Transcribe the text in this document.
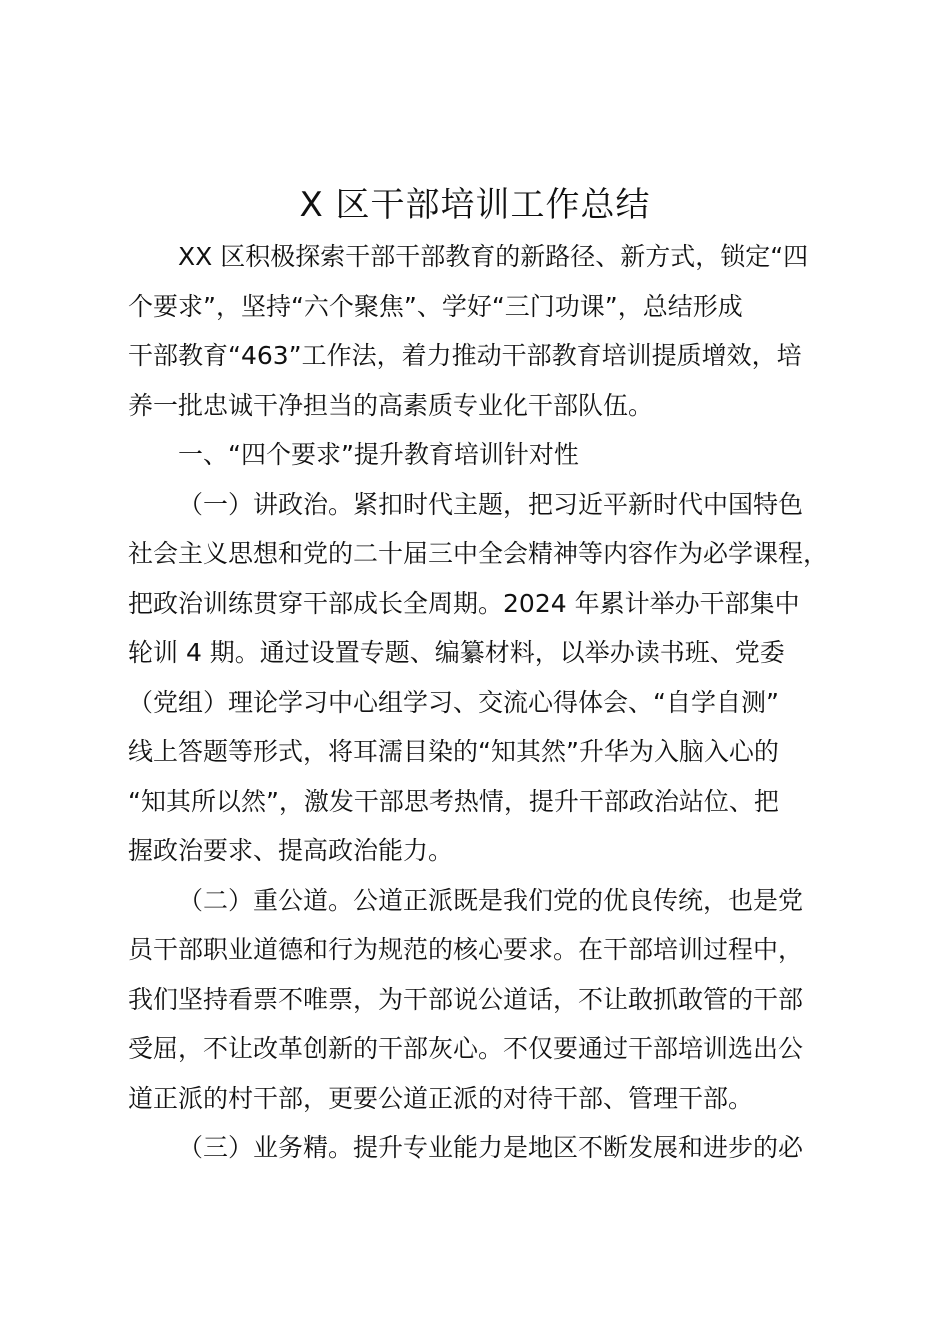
X 区干部培训工作总结

XX 区积极探索干部干部教育的新路径、新方式，锁定“四

个要求”，坚持“六个聚焦”、学好“三门功课”，总结形成

干部教育“463”工作法，着力推动干部教育培训提质增效，培

养一批忠诚干净担当的高素质专业化干部队伍。

一、“四个要求”提升教育培训针对性

（一）讲政治。紧扣时代主题，把习近平新时代中国特色

社会主义思想和党的二十届三中全会精神等内容作为必学课程，

把政治训练贯穿干部成长全周期。2024 年累计举办干部集中

轮训 4 期。通过设置专题、编纂材料，以举办读书班、党委

（党组）理论学习中心组学习、交流心得体会、“自学自测”

线上答题等形式，将耳濡目染的“知其然”升华为入脑入心的

“知其所以然”，激发干部思考热情，提升干部政治站位、把

握政治要求、提高政治能力。

（二）重公道。公道正派既是我们党的优良传统，也是党

员干部职业道德和行为规范的核心要求。在干部培训过程中，

我们坚持看票不唯票，为干部说公道话，不让敢抓敢管的干部

受屈，不让改革创新的干部灰心。不仅要通过干部培训选出公

道正派的村干部，更要公道正派的对待干部、管理干部。

（三）业务精。提升专业能力是地区不断发展和进步的必
